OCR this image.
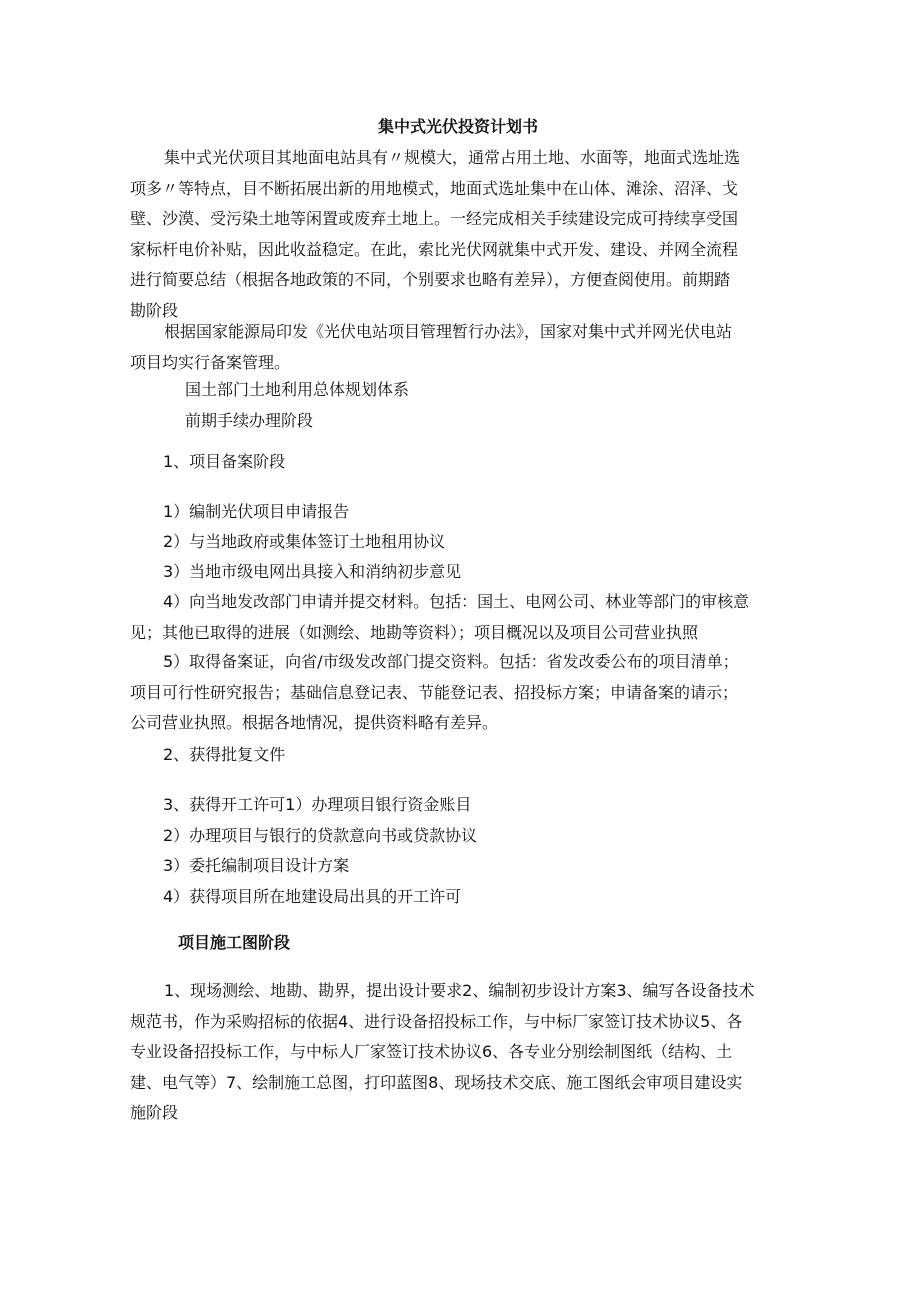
集中式光伏投资计划书
集中式光伏项目其地面电站具有〃规模大，通常占用土地、水面等，地面式选址选
项多〃等特点，目不断拓展出新的用地模式，地面式选址集中在山体、滩涂、沼泽、戈
壁、沙漠、受污染土地等闲置或废弃土地上。一经完成相关手续建设完成可持续享受国
家标杆电价补贴，因此收益稳定。在此，索比光伏网就集中式开发、建设、并网全流程
进行简要总结（根据各地政策的不同，个别要求也略有差异），方便查阅使用。前期踏
勘阶段
根据国家能源局印发《光伏电站项目管理暂行办法》，国家对集中式并网光伏电站
项目均实行备案管理。

国土部门土地利用总体规划体系

前期手续办理阶段

1、项目备案阶段

1）编制光伏项目申请报告

2）与当地政府或集体签订土地租用协议

3）当地市级电网出具接入和消纳初步意见

4）向当地发改部门申请并提交材料。包括：国土、电网公司、林业等部门的审核意
见；其他已取得的进展（如测绘、地勘等资料）；项目概况以及项目公司营业执照
5）取得备案证，向省/市级发改部门提交资料。包括：省发改委公布的项目清单；
项目可行性研究报告；基础信息登记表、节能登记表、招投标方案；申请备案的请示；
公司营业执照。根据各地情况，提供资料略有差异。

2、获得批复文件

3、获得开工许可1）办理项目银行资金账目
2）办理项目与银行的贷款意向书或贷款协议
3）委托编制项目设计方案
4）获得项目所在地建设局出具的开工许可

项目施工图阶段

1、现场测绘、地勘、勘界，提出设计要求2、编制初步设计方案3、编写各设备技术
规范书，作为采购招标的依据4、进行设备招投标工作，与中标厂家签订技术协议5、各
专业设备招投标工作，与中标人厂家签订技术协议6、各专业分别绘制图纸（结构、土
建、电气等）7、绘制施工总图，打印蓝图8、现场技术交底、施工图纸会审项目建设实
施阶段
